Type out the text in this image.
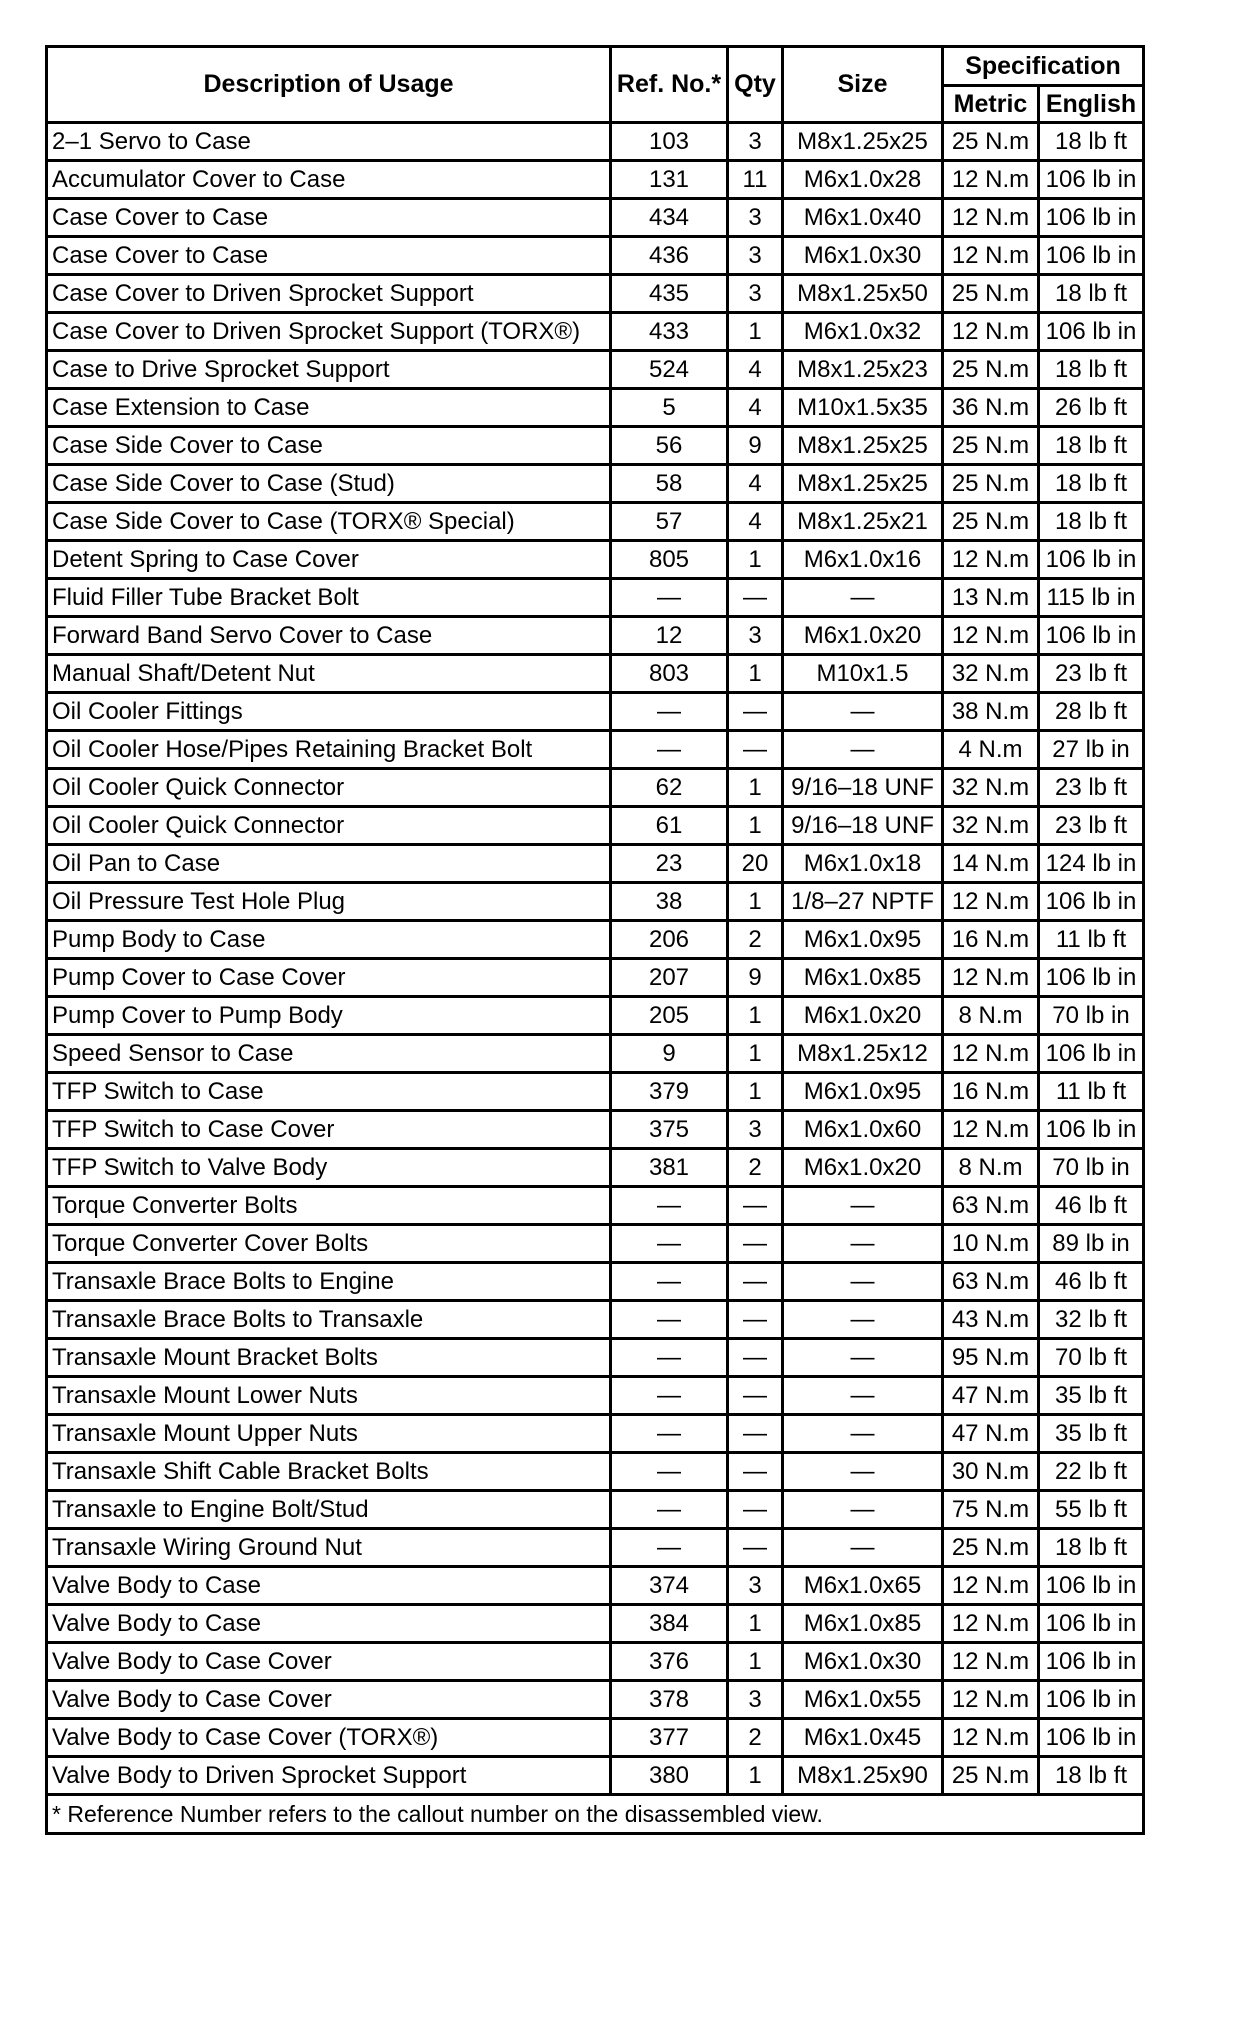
Description of Usage	Ref. No.*	Qty	Size	Specification	
				Metric	English
2–1 Servo to Case	103	3	M8x1.25x25	25 N.m	18 lb ft
Accumulator Cover to Case	131	11	M6x1.0x28	12 N.m	106 lb in
Case Cover to Case	434	3	M6x1.0x40	12 N.m	106 lb in
Case Cover to Case	436	3	M6x1.0x30	12 N.m	106 lb in
Case Cover to Driven Sprocket Support	435	3	M8x1.25x50	25 N.m	18 lb ft
Case Cover to Driven Sprocket Support (TORX®)	433	1	M6x1.0x32	12 N.m	106 lb in
Case to Drive Sprocket Support	524	4	M8x1.25x23	25 N.m	18 lb ft
Case Extension to Case	5	4	M10x1.5x35	36 N.m	26 lb ft
Case Side Cover to Case	56	9	M8x1.25x25	25 N.m	18 lb ft
Case Side Cover to Case (Stud)	58	4	M8x1.25x25	25 N.m	18 lb ft
Case Side Cover to Case (TORX® Special)	57	4	M8x1.25x21	25 N.m	18 lb ft
Detent Spring to Case Cover	805	1	M6x1.0x16	12 N.m	106 lb in
Fluid Filler Tube Bracket Bolt	—	—	—	13 N.m	115 lb in
Forward Band Servo Cover to Case	12	3	M6x1.0x20	12 N.m	106 lb in
Manual Shaft/Detent Nut	803	1	M10x1.5	32 N.m	23 lb ft
Oil Cooler Fittings	—	—	—	38 N.m	28 lb ft
Oil Cooler Hose/Pipes Retaining Bracket Bolt	—	—	—	4 N.m	27 lb in
Oil Cooler Quick Connector	62	1	9/16–18 UNF	32 N.m	23 lb ft
Oil Cooler Quick Connector	61	1	9/16–18 UNF	32 N.m	23 lb ft
Oil Pan to Case	23	20	M6x1.0x18	14 N.m	124 lb in
Oil Pressure Test Hole Plug	38	1	1/8–27 NPTF	12 N.m	106 lb in
Pump Body to Case	206	2	M6x1.0x95	16 N.m	11 lb ft
Pump Cover to Case Cover	207	9	M6x1.0x85	12 N.m	106 lb in
Pump Cover to Pump Body	205	1	M6x1.0x20	8 N.m	70 lb in
Speed Sensor to Case	9	1	M8x1.25x12	12 N.m	106 lb in
TFP Switch to Case	379	1	M6x1.0x95	16 N.m	11 lb ft
TFP Switch to Case Cover	375	3	M6x1.0x60	12 N.m	106 lb in
TFP Switch to Valve Body	381	2	M6x1.0x20	8 N.m	70 lb in
Torque Converter Bolts	—	—	—	63 N.m	46 lb ft
Torque Converter Cover Bolts	—	—	—	10 N.m	89 lb in
Transaxle Brace Bolts to Engine	—	—	—	63 N.m	46 lb ft
Transaxle Brace Bolts to Transaxle	—	—	—	43 N.m	32 lb ft
Transaxle Mount Bracket Bolts	—	—	—	95 N.m	70 lb ft
Transaxle Mount Lower Nuts	—	—	—	47 N.m	35 lb ft
Transaxle Mount Upper Nuts	—	—	—	47 N.m	35 lb ft
Transaxle Shift Cable Bracket Bolts	—	—	—	30 N.m	22 lb ft
Transaxle to Engine Bolt/Stud	—	—	—	75 N.m	55 lb ft
Transaxle Wiring Ground Nut	—	—	—	25 N.m	18 lb ft
Valve Body to Case	374	3	M6x1.0x65	12 N.m	106 lb in
Valve Body to Case	384	1	M6x1.0x85	12 N.m	106 lb in
Valve Body to Case Cover	376	1	M6x1.0x30	12 N.m	106 lb in
Valve Body to Case Cover	378	3	M6x1.0x55	12 N.m	106 lb in
Valve Body to Case Cover (TORX®)	377	2	M6x1.0x45	12 N.m	106 lb in
Valve Body to Driven Sprocket Support	380	1	M8x1.25x90	25 N.m	18 lb ft
* Reference Number refers to the callout number on the disassembled view.					
